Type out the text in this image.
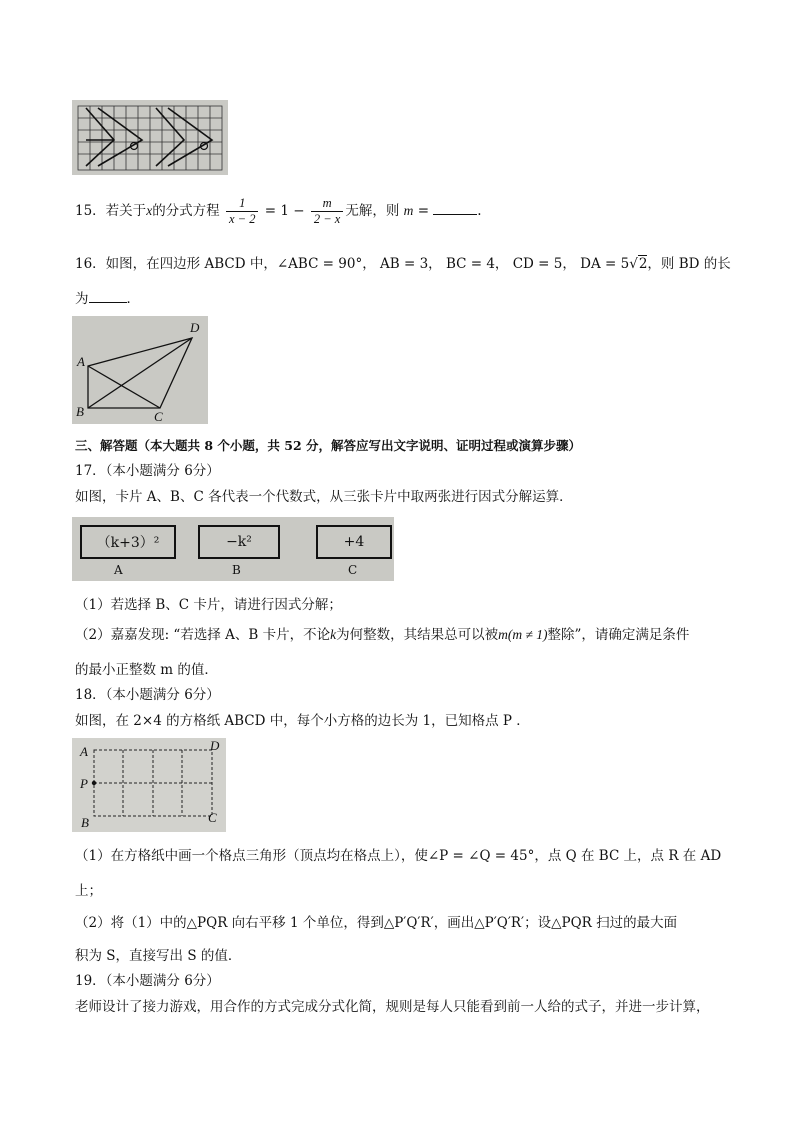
15．若关于x的分式方程 $\frac{1}{x - 2} = 1 - \frac{m}{2 - x}$ 无解，则 m =	.
16．如图，在四边形 ABCD 中，∠ABC = 90°， AB = 3， BC = 4， CD = 5， DA = 5√2，则 BD 的长
为	．
A
B	C
D
三、解答题（本大题共 8 个小题，共 52 分，解答应写出文字说明、证明过程或演算步骤）
17．（本小题满分 6分）
如图，卡片 A、B、C 各代表一个代数式，从三张卡片中取两张进行因式分解运算．
（k+3）²
A
−k²
B
+4
C
（1）若选择 B、C 卡片，请进行因式分解；
（2）嘉嘉发现: “若选择 A、B 卡片，不论k为何整数，其结果总可以被m(m ≠ 1)整除”，请确定满足条件
的最小正整数 m 的值．
18．（本小题满分 6分）
如图，在 2×4 的方格纸 ABCD 中，每个小方格的边长为 1，已知格点 P ．
A
P
B
D
C
（1）在方格纸中画一个格点三角形（顶点均在格点上），使∠P = ∠Q = 45°，点 Q 在 BC 上，点 R 在 AD
上；
（2）将（1）中的△PQR 向右平移 1 个单位，得到△P′Q′R′，画出△P′Q′R′；设△PQR 扫过的最大面
积为 S，直接写出 S 的值．
19．（本小题满分 6分）
老师设计了接力游戏，用合作的方式完成分式化简，规则是每人只能看到前一人给的式子，并进一步计算，
